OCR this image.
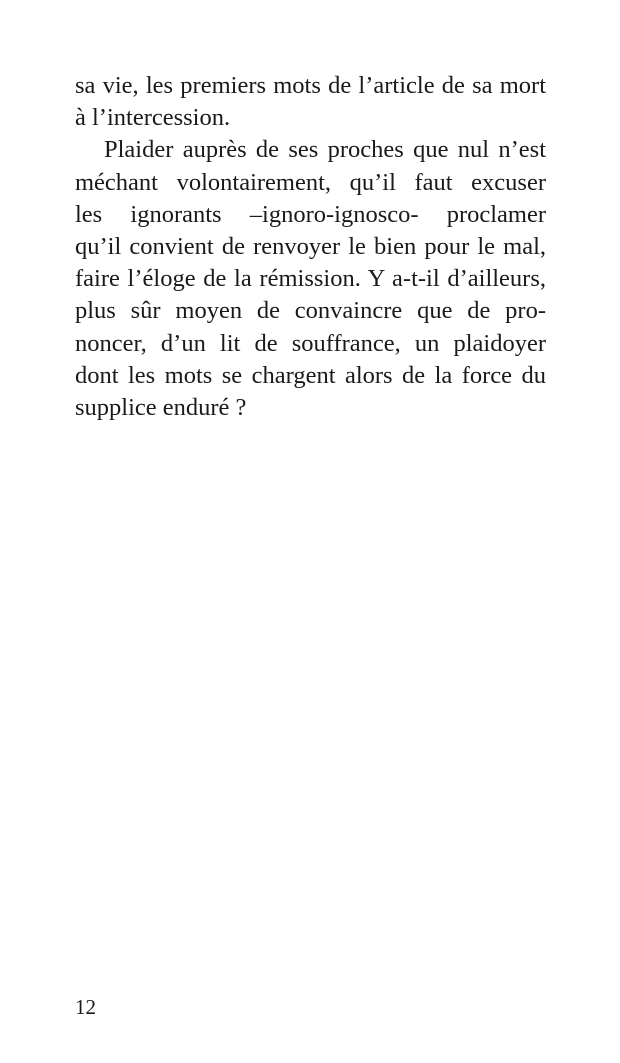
sa vie, les premiers mots de l’article de sa mort
à l’intercession.
Plaider auprès de ses proches que nul n’est
méchant volontairement, qu’il faut excuser
les ignorants –ignoro-ignosco- proclamer
qu’il convient de renvoyer le bien pour le mal,
faire l’éloge de la rémission. Y a-t-il d’ailleurs,
plus sûr moyen de convaincre que de pro-
noncer, d’un lit de souffrance, un plaidoyer
dont les mots se chargent alors de la force du
supplice enduré ?
12
